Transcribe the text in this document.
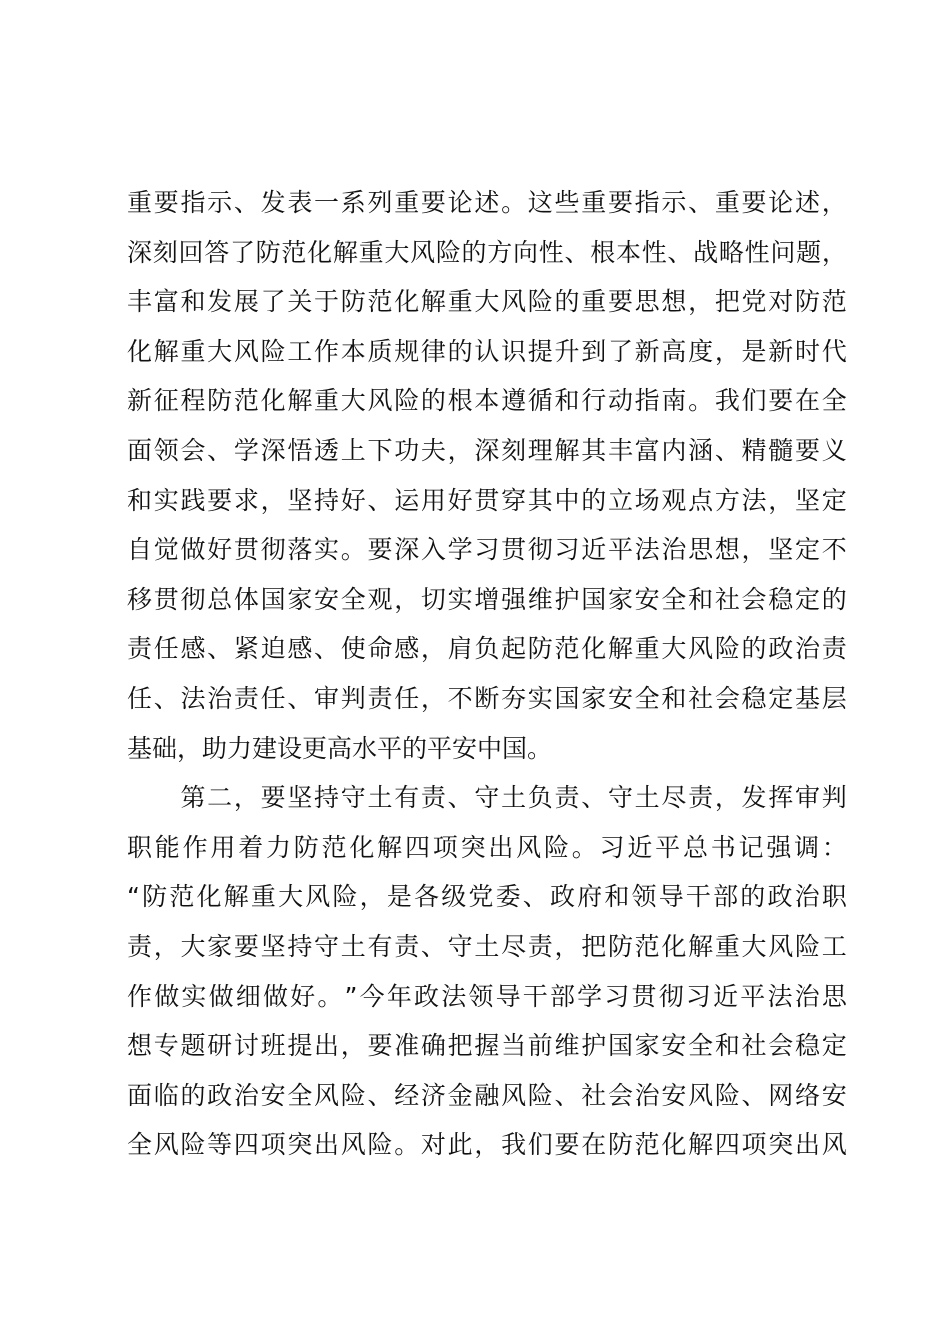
重 要 指 示 、 发 表 一 系 列 重 要 论 述 。 这 些 重 要 指 示 、 重 要 论 述 ，
深 刻 回 答 了 防 范 化 解 重 大 风 险 的 方 向 性 、 根 本 性 、 战 略 性 问 题 ，
丰 富 和 发 展 了 关 于 防 范 化 解 重 大 风 险 的 重 要 思 想 ， 把 党 对 防 范
化 解 重 大 风 险 工 作 本 质 规 律 的 认 识 提 升 到 了 新 高 度 ， 是 新 时 代
新 征 程 防 范 化 解 重 大 风 险 的 根 本 遵 循 和 行 动 指 南 。 我 们 要 在 全
面 领 会 、 学 深 悟 透 上 下 功 夫 ， 深 刻 理 解 其 丰 富 内 涵 、 精 髓 要 义
和 实 践 要 求 ， 坚 持 好 、 运 用 好 贯 穿 其 中 的 立 场 观 点 方 法 ， 坚 定
自 觉 做 好 贯 彻 落 实 。 要 深 入 学 习 贯 彻 习 近 平 法 治 思 想 ， 坚 定 不
移 贯 彻 总 体 国 家 安 全 观 ， 切 实 增 强 维 护 国 家 安 全 和 社 会 稳 定 的
责 任 感 、 紧 迫 感 、 使 命 感 ， 肩 负 起 防 范 化 解 重 大 风 险 的 政 治 责
任 、 法 治 责 任 、 审 判 责 任 ， 不 断 夯 实 国 家 安 全 和 社 会 稳 定 基 层
基础，助力建设更高水平的平安中国。

第 二 ， 要 坚 持 守 土 有 责 、 守 土 负 责 、 守 土 尽 责 ， 发 挥 审 判
职 能 作 用 着 力 防 范 化 解 四 项 突 出 风 险 。 习 近 平 总 书 记 强 调 ：
“ 防 范 化 解 重 大 风 险 ， 是 各 级 党 委 、 政 府 和 领 导 干 部 的 政 治 职
责 ， 大 家 要 坚 持 守 土 有 责 、 守 土 尽 责 ， 把 防 范 化 解 重 大 风 险 工
作 做 实 做 细 做 好 。 ” 今 年 政 法 领 导 干 部 学 习 贯 彻 习 近 平 法 治 思
想 专 题 研 讨 班 提 出 ， 要 准 确 把 握 当 前 维 护 国 家 安 全 和 社 会 稳 定
面 临 的 政 治 安 全 风 险 、 经 济 金 融 风 险 、 社 会 治 安 风 险 、 网 络 安
全 风 险 等 四 项 突 出 风 险 。 对 此 ， 我 们 要 在 防 范 化 解 四 项 突 出 风
